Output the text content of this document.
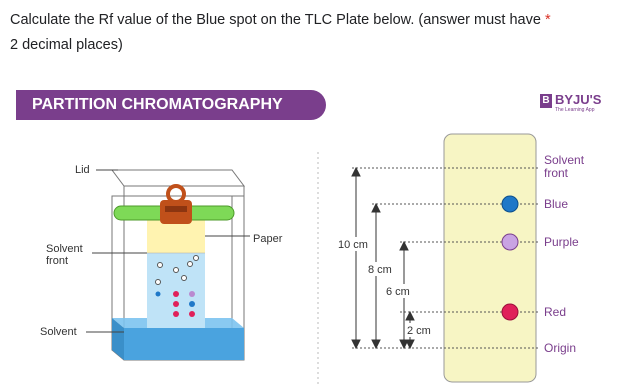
Calculate the Rf value of the Blue spot on the TLC Plate below. (answer must have *
2 decimal places)
PARTITION CHROMATOGRAPHY	B BYJU'S
The Learning App
Lid
Paper
Solvent
front
Solvent
10 cm
8 cm
6 cm
2 cm
Solvent
front
Blue
Purple
Red
Origin
